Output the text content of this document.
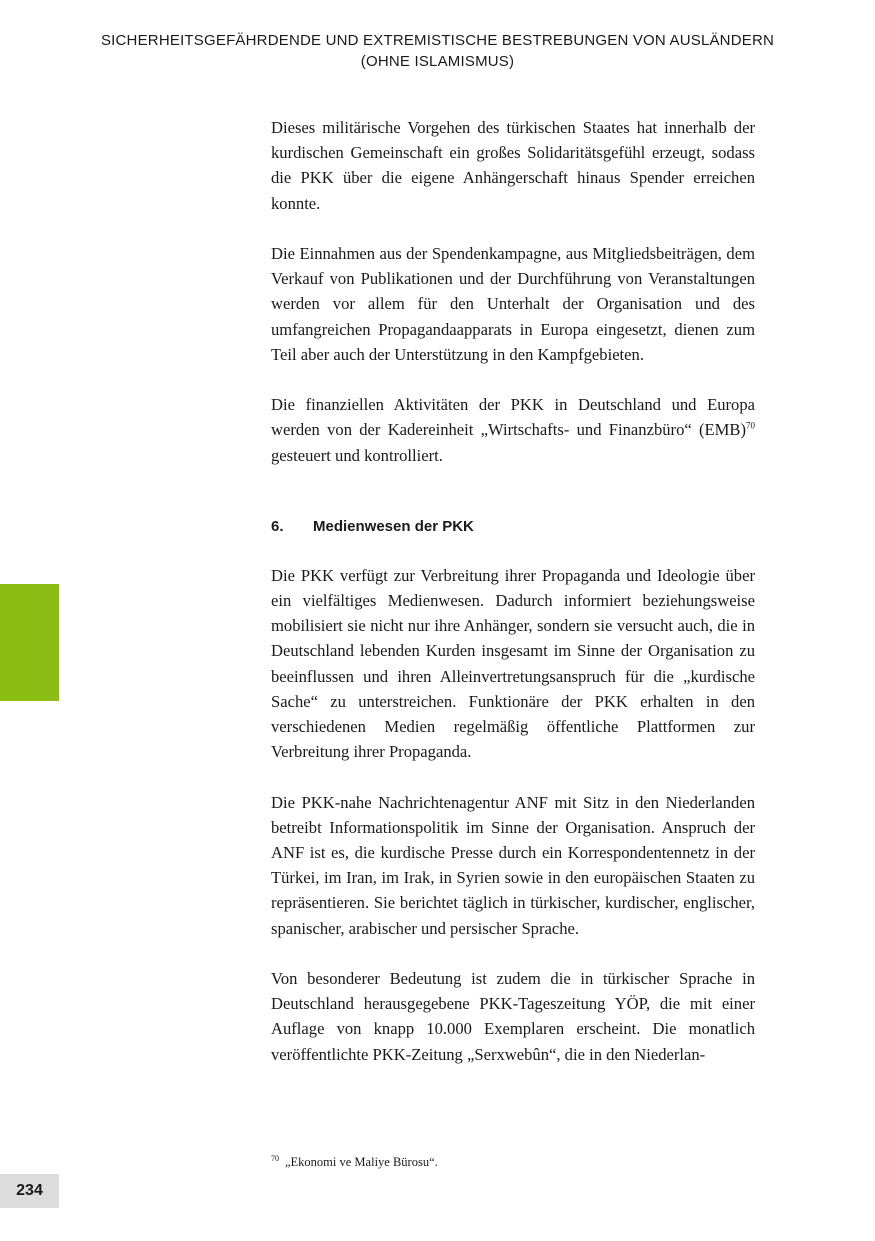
SICHERHEITSGEFÄHRDENDE UND EXTREMISTISCHE BESTREBUNGEN VON AUSLÄNDERN
(OHNE ISLAMISMUS)

Dieses militärische Vorgehen des türkischen Staates hat innerhalb der kurdischen Gemeinschaft ein großes Solidaritätsgefühl erzeugt, sodass die PKK über die eigene Anhängerschaft hinaus Spender erreichen konnte.

Die Einnahmen aus der Spendenkampagne, aus Mitgliedsbeiträgen, dem Verkauf von Publikationen und der Durchführung von Veranstaltungen werden vor allem für den Unterhalt der Organisation und des umfangreichen Propagandaapparats in Europa eingesetzt, dienen zum Teil aber auch der Unterstützung in den Kampfgebieten.

Die finanziellen Aktivitäten der PKK in Deutschland und Europa werden von der Kadereinheit „Wirtschafts- und Finanzbüro“ (EMB)$^{70}$ gesteuert und kontrolliert.

6. Medienwesen der PKK

Die PKK verfügt zur Verbreitung ihrer Propaganda und Ideologie über ein vielfältiges Medienwesen. Dadurch informiert beziehungsweise mobilisiert sie nicht nur ihre Anhänger, sondern sie versucht auch, die in Deutschland lebenden Kurden insgesamt im Sinne der Organisation zu beeinflussen und ihren Alleinvertretungsanspruch für die „kurdische Sache“ zu unterstreichen. Funktionäre der PKK erhalten in den verschiedenen Medien regelmäßig öffentliche Plattformen zur Verbreitung ihrer Propaganda.

Die PKK-nahe Nachrichtenagentur ANF mit Sitz in den Niederlanden betreibt Informationspolitik im Sinne der Organisation. Anspruch der ANF ist es, die kurdische Presse durch ein Korrespondentennetz in der Türkei, im Iran, im Irak, in Syrien sowie in den europäischen Staaten zu repräsentieren. Sie berichtet täglich in türkischer, kurdischer, englischer, spanischer, arabischer und persischer Sprache.

Von besonderer Bedeutung ist zudem die in türkischer Sprache in Deutschland herausgegebene PKK-Tageszeitung YÖP, die mit einer Auflage von knapp 10.000 Exemplaren erscheint. Die monatlich veröffentlichte PKK-Zeitung „Serxwebûn“, die in den Niederlan-

$^{70}$ „Ekonomi ve Maliye Bürosu“.
234
